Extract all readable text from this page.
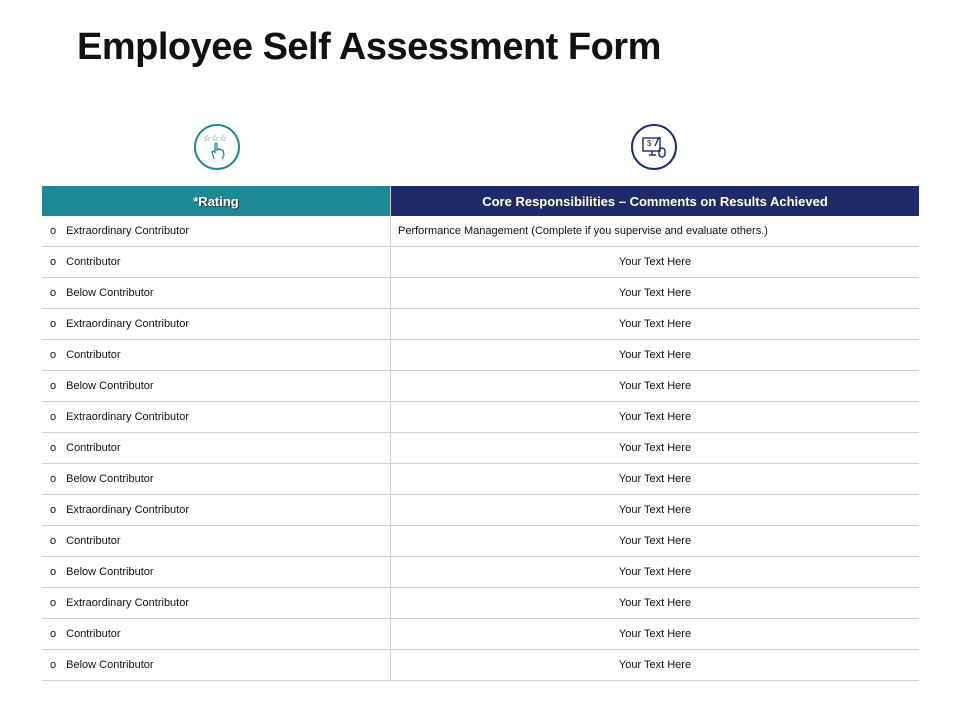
Employee Self Assessment Form
☆☆☆
$
*Rating	Core Responsibilities – Comments on Results Achieved
o Extraordinary Contributor	Performance Management (Complete if you supervise and evaluate others.)
o Contributor	Your Text Here
o Below Contributor	Your Text Here
o Extraordinary Contributor	Your Text Here
o Contributor	Your Text Here
o Below Contributor	Your Text Here
o Extraordinary Contributor	Your Text Here
o Contributor	Your Text Here
o Below Contributor	Your Text Here
o Extraordinary Contributor	Your Text Here
o Contributor	Your Text Here
o Below Contributor	Your Text Here
o Extraordinary Contributor	Your Text Here
o Contributor	Your Text Here
o Below Contributor	Your Text Here
